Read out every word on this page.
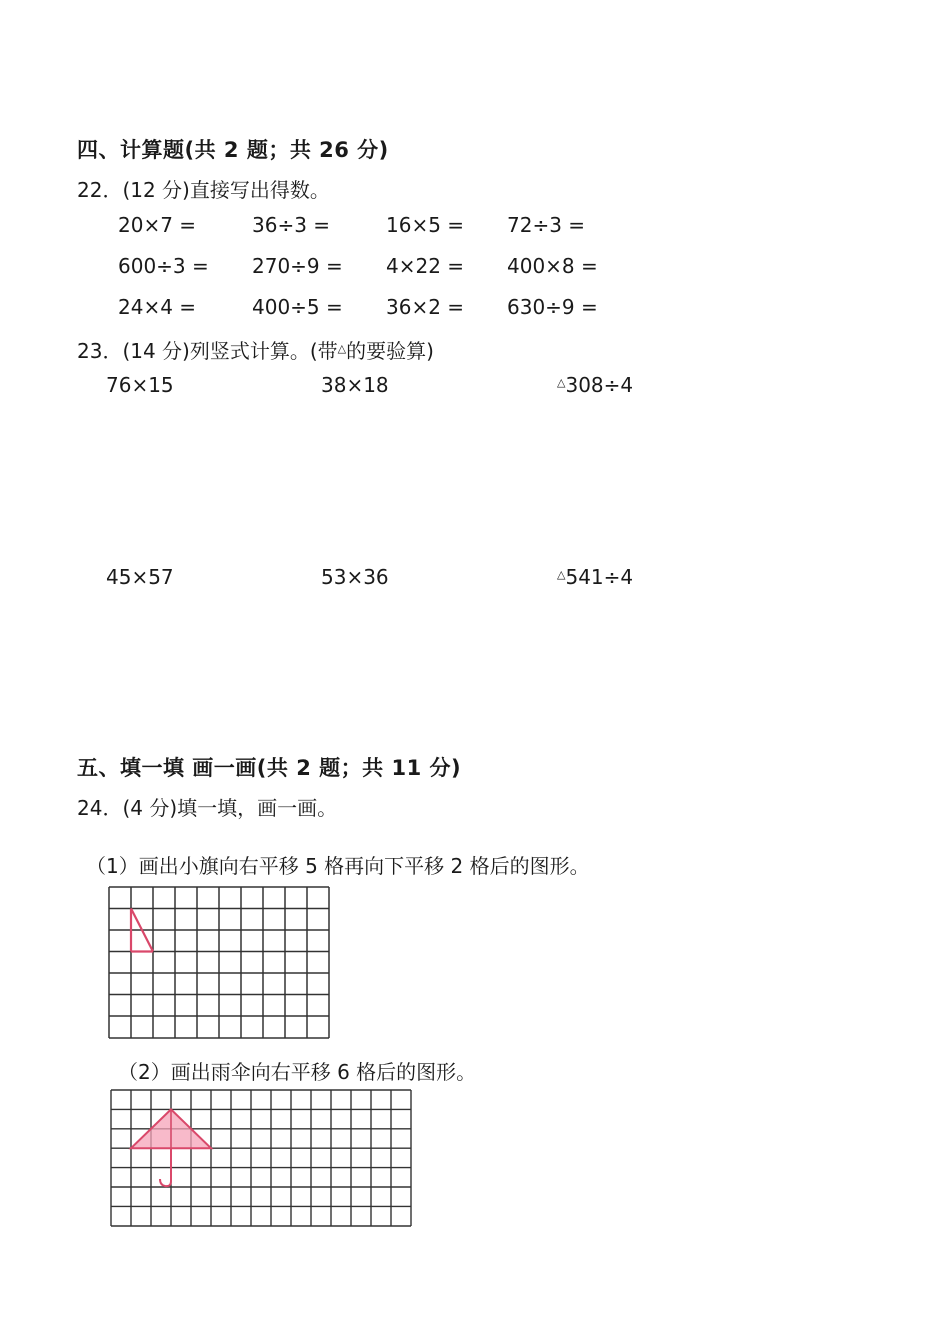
四、计算题(共 2 题；共 26 分)
22．(12 分)直接写出得数。
20×7 =	36÷3 =	16×5 = 72÷3 =
600÷3 = 270÷9 = 4×22 = 400×8 =
24×4 =	400÷5 = 36×2 = 630÷9 =
23．(14 分)列竖式计算。(带△的要验算)
76×15	38×18	△308÷4
45×57	53×36	△541÷4
五、填一填 画一画(共 2 题；共 11 分)
24．(4 分)填一填，画一画。
（1）画出小旗向右平移 5 格再向下平移 2 格后的图形。
（2）画出雨伞向右平移 6 格后的图形。
